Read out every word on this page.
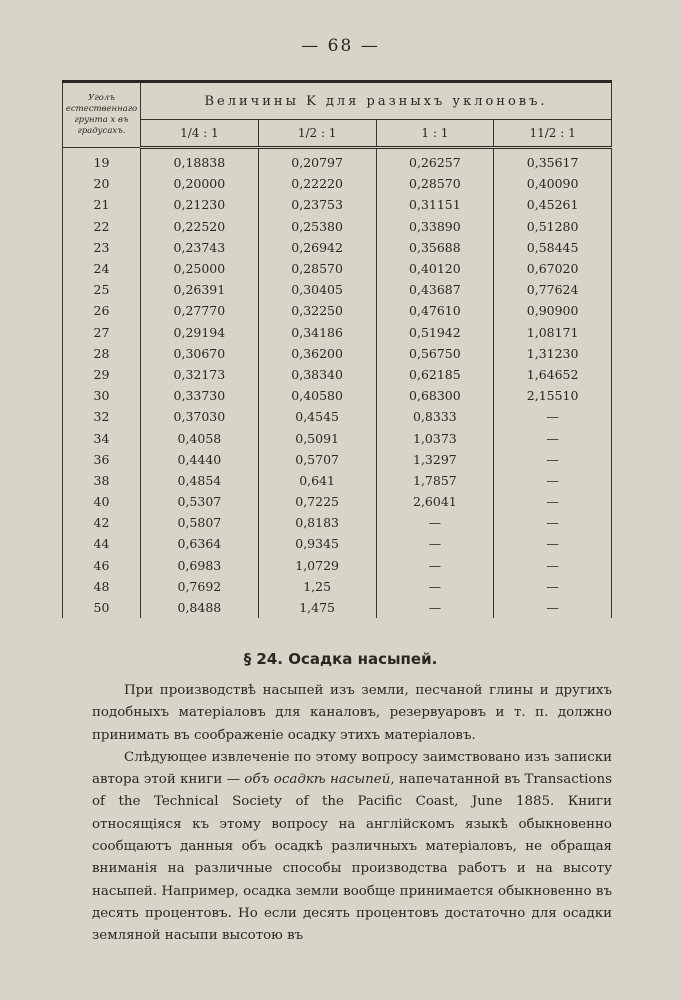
— 68 —
Уголъ естественнаго грунта x въ градусахъ.	Величины K для разныхъ уклоновъ.			
	1/4 : 1	1/2 : 1	1 : 1	11/2 : 1
19	0,18838	0,20797	0,26257	0,35617
20	0,20000	0,22220	0,28570	0,40090
21	0,21230	0,23753	0,31151	0,45261
22	0,22520	0,25380	0,33890	0,51280
23	0,23743	0,26942	0,35688	0,58445
24	0,25000	0,28570	0,40120	0,67020
25	0,26391	0,30405	0,43687	0,77624
26	0,27770	0,32250	0,47610	0,90900
27	0,29194	0,34186	0,51942	1,08171
28	0,30670	0,36200	0,56750	1,31230
29	0,32173	0,38340	0,62185	1,64652
30	0,33730	0,40580	0,68300	2,15510
32	0,37030	0,4545	0,8333	—
34	0,4058	0,5091	1,0373	—
36	0,4440	0,5707	1,3297	—
38	0,4854	0,641	1,7857	—
40	0,5307	0,7225	2,6041	—
42	0,5807	0,8183	—	—
44	0,6364	0,9345	—	—
46	0,6983	1,0729	—	—
48	0,7692	1,25	—	—
50	0,8488	1,475	—	—
§ 24. Осадка насыпей.

При производствѣ насыпей изъ земли, песчаной глины и другихъ подобныхъ матеріаловъ для каналовъ, резервуаровъ и т. п. должно принимать въ соображеніе осадку этихъ матеріаловъ.

Слѣдующее извлеченіе по этому вопросу заимствовано изъ записки автора этой книги — объ осадкѣ насыпей, напечатанной въ Transactions of the Technical Society of the Pacific Coast, June 1885. Книги относящіяся къ этому вопросу на англійскомъ языкѣ обыкновенно сообщаютъ данныя объ осадкѣ различныхъ матеріаловъ, не обращая вниманія на различные способы производства работъ и на высоту насыпей. Например, осадка земли вообще принимается обыкновенно въ десять процентовъ. Но если десять процентовъ достаточно для осадки земляной насыпи высотою въ
